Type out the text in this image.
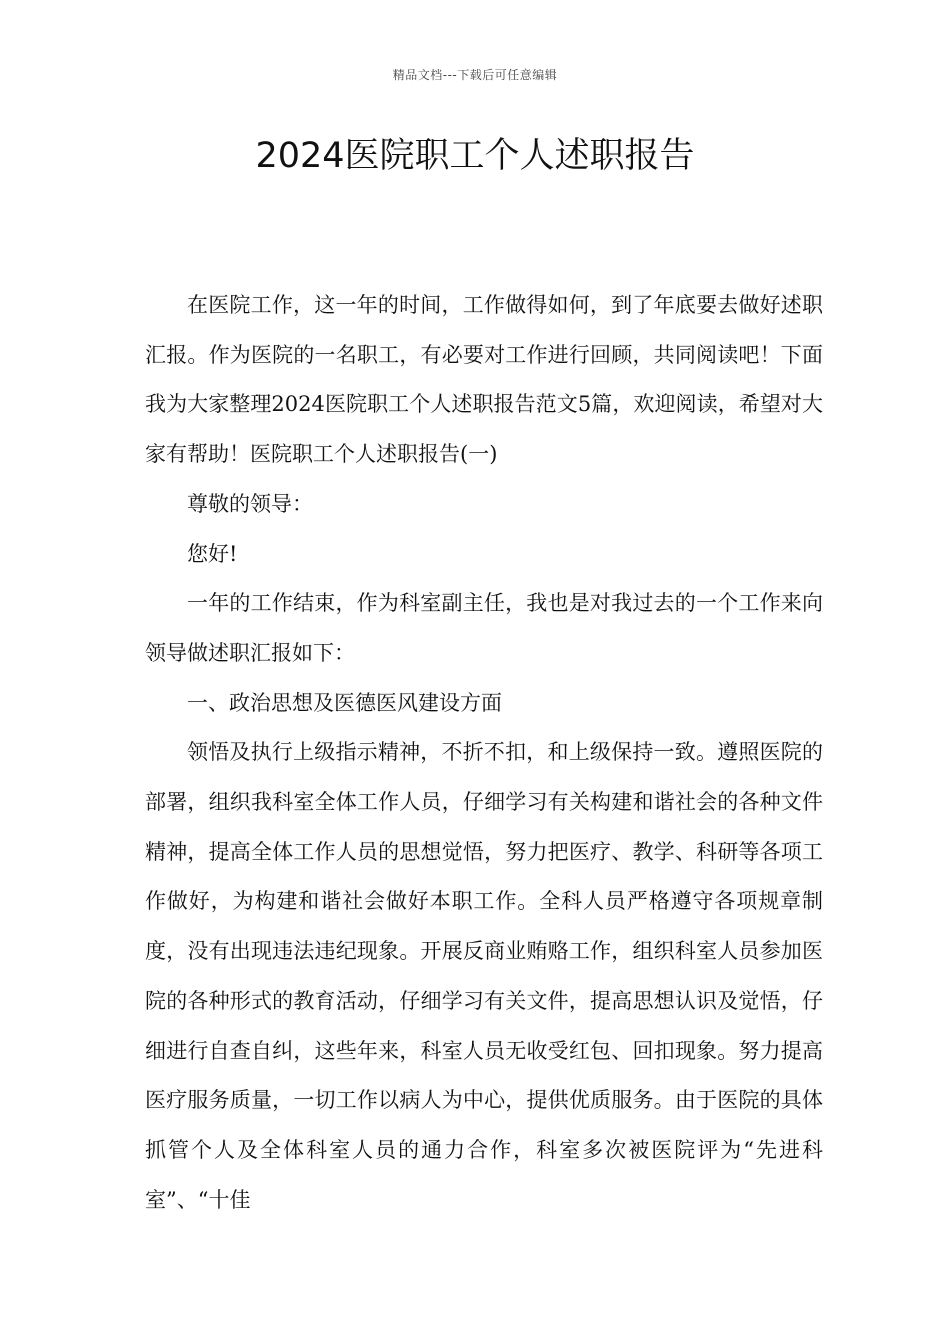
精品文档---下载后可任意编辑
2024医院职工个人述职报告

在医院工作，这一年的时间，工作做得如何，到了年底要去做好述职汇报。作为医院的一名职工，有必要对工作进行回顾，共同阅读吧！下面我为大家整理2024医院职工个人述职报告范文5篇，欢迎阅读，希望对大家有帮助！医院职工个人述职报告(一)

尊敬的领导：

您好!

一年的工作结束，作为科室副主任，我也是对我过去的一个工作来向领导做述职汇报如下：

一、政治思想及医德医风建设方面

领悟及执行上级指示精神，不折不扣，和上级保持一致。遵照医院的部署，组织我科室全体工作人员，仔细学习有关构建和谐社会的各种文件精神，提高全体工作人员的思想觉悟，努力把医疗、教学、科研等各项工作做好，为构建和谐社会做好本职工作。全科人员严格遵守各项规章制度，没有出现违法违纪现象。开展反商业贿赂工作，组织科室人员参加医院的各种形式的教育活动，仔细学习有关文件，提高思想认识及觉悟，仔细进行自查自纠，这些年来，科室人员无收受红包、回扣现象。努力提高医疗服务质量，一切工作以病人为中心，提供优质服务。由于医院的具体抓管个人及全体科室人员的通力合作，科室多次被医院评为“先进科室”、“十佳
